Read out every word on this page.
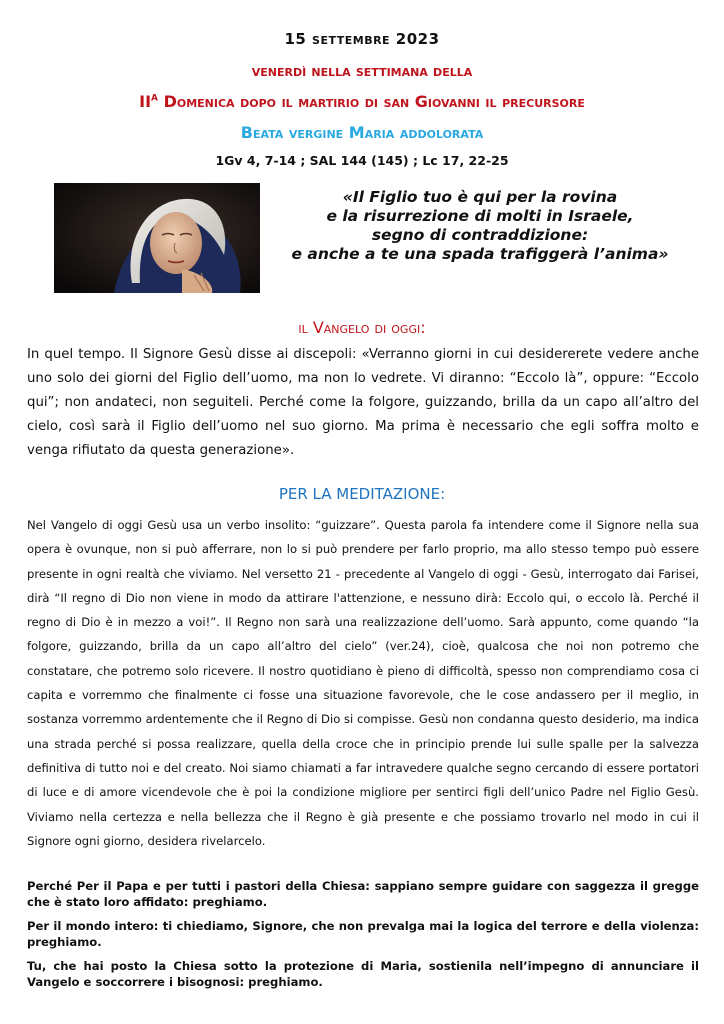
15 settembre 2023
venerdì nella settimana della
$II^A$ Domenica dopo il martirio di san Giovanni il precursore
Beata vergine Maria addolorata
1Gv 4, 7-14 ; SAL 144 (145) ; Lc 17, 22-25
«Il Figlio tuo è qui per la rovina
e la risurrezione di molti in Israele,
segno di contraddizione:
e anche a te una spada trafiggerà l’anima»
il Vangelo di oggi:
In quel tempo. Il Signore Gesù disse ai discepoli: «Verranno giorni in cui desidererete vedere anche uno solo dei giorni del Figlio dell’uomo, ma non lo vedrete. Vi diranno: “Eccolo là”, oppure: “Eccolo qui”; non andateci, non seguiteli. Perché come la folgore, guizzando, brilla da un capo all’altro del cielo, così sarà il Figlio dell’uomo nel suo giorno. Ma prima è necessario che egli soffra molto e venga rifiutato da questa generazione».
PER LA MEDITAZIONE:
Nel Vangelo di oggi Gesù usa un verbo insolito: “guizzare”. Questa parola fa intendere come il Signore nella sua opera è ovunque, non si può afferrare, non lo si può prendere per farlo proprio, ma allo stesso tempo può essere presente in ogni realtà che viviamo. Nel versetto 21 - precedente al Vangelo di oggi - Gesù, interrogato dai Farisei, dirà “Il regno di Dio non viene in modo da attirare l'attenzione, e nessuno dirà: Eccolo qui, o eccolo là. Perché il regno di Dio è in mezzo a voi!”. Il Regno non sarà una realizzazione dell’uomo. Sarà appunto, come quando “la folgore, guizzando, brilla da un capo all’altro del cielo” (ver.24), cioè, qualcosa che noi non potremo che constatare, che potremo solo ricevere. Il nostro quotidiano è pieno di difficoltà, spesso non comprendiamo cosa ci capita e vorremmo che finalmente ci fosse una situazione favorevole, che le cose andassero per il meglio, in sostanza vorremmo ardentemente che il Regno di Dio si compisse. Gesù non condanna questo desiderio, ma indica una strada perché si possa realizzare, quella della croce che in principio prende lui sulle spalle per la salvezza definitiva di tutto noi e del creato. Noi siamo chiamati a far intravedere qualche segno cercando di essere portatori di luce e di amore vicendevole che è poi la condizione migliore per sentirci figli dell’unico Padre nel Figlio Gesù. Viviamo nella certezza e nella bellezza che il Regno è già presente e che possiamo trovarlo nel modo in cui il Signore ogni giorno, desidera rivelarcelo.

Perché Per il Papa e per tutti i pastori della Chiesa: sappiano sempre guidare con saggezza il gregge che è stato loro affidato: preghiamo.

Per il mondo intero: ti chiediamo, Signore, che non prevalga mai la logica del terrore e della violenza: preghiamo.

Tu, che hai posto la Chiesa sotto la protezione di Maria, sostienila nell’impegno di annunciare il Vangelo e soccorrere i bisognosi: preghiamo.
